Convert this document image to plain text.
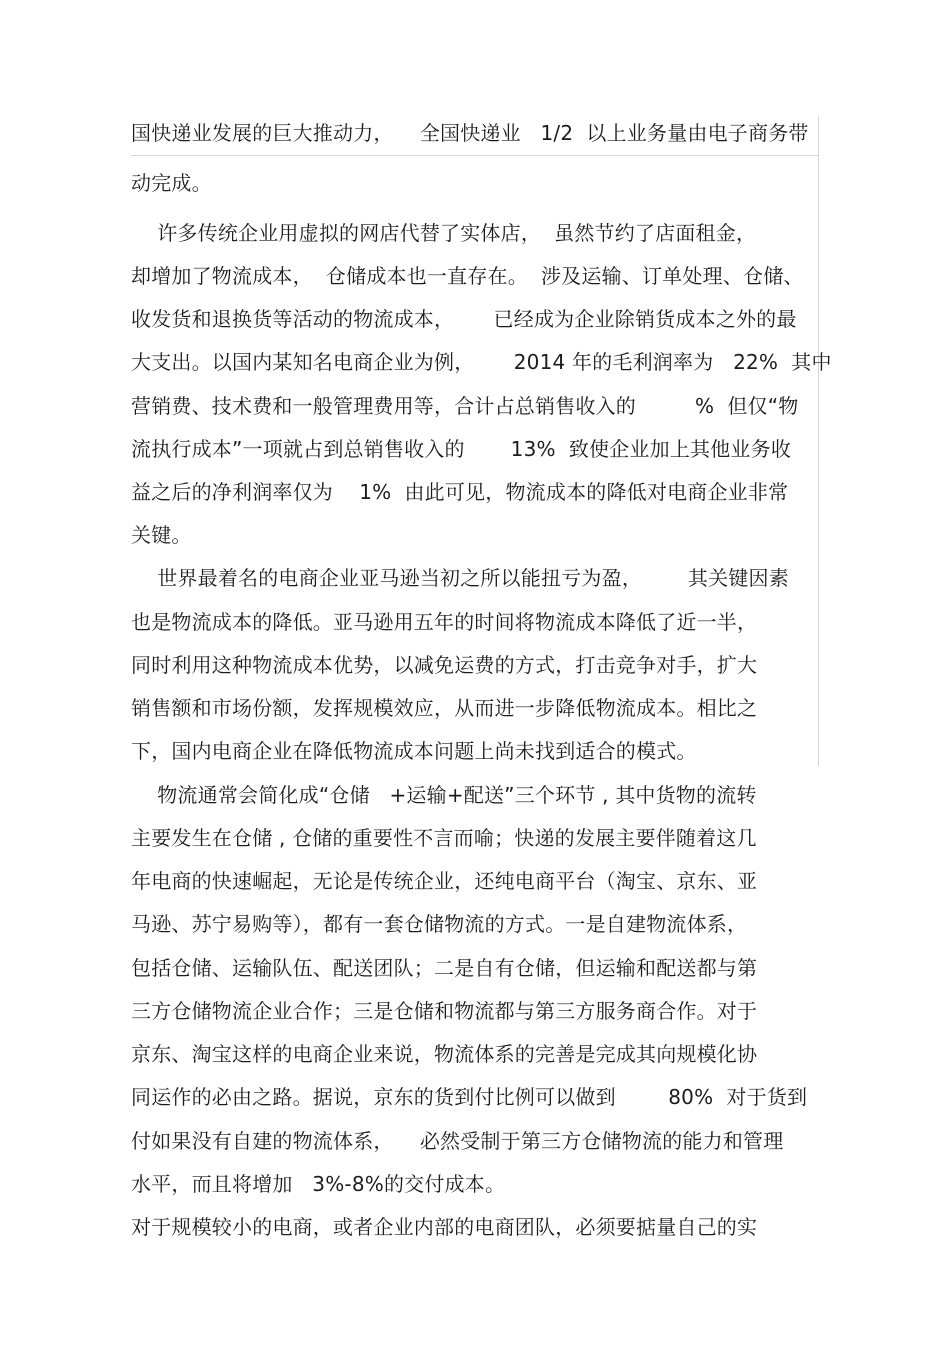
国快递业发展的巨大推动力，    全国快递业   1/2  以上业务量由电子商务带
动完成。
许多传统企业用虚拟的网店代替了实体店，  虽然节约了店面租金，
却增加了物流成本，  仓储成本也一直存在。  涉及运输、订单处理、仓储、
收发货和退换货等活动的物流成本，      已经成为企业除销货成本之外的最
大支出。以国内某知名电商企业为例，      2014 年的毛利润率为   22%  其中
营销费、技术费和一般管理费用等，合计占总销售收入的         %  但仅“物
流执行成本”一项就占到总销售收入的       13%  致使企业加上其他业务收
益之后的净利润率仅为    1%  由此可见，物流成本的降低对电商企业非常
关键。
世界最着名的电商企业亚马逊当初之所以能扭亏为盈，       其关键因素
也是物流成本的降低。亚马逊用五年的时间将物流成本降低了近一半，
同时利用这种物流成本优势，以减免运费的方式，打击竞争对手，扩大
销售额和市场份额，发挥规模效应，从而进一步降低物流成本。相比之
下，国内电商企业在降低物流成本问题上尚未找到适合的模式。
物流通常会简化成“仓储   +运输+配送”三个环节 , 其中货物的流转
主要发生在仓储 , 仓储的重要性不言而喻；快递的发展主要伴随着这几
年电商的快速崛起，无论是传统企业，还纯电商平台（淘宝、京东、亚
马逊、苏宁易购等），都有一套仓储物流的方式。一是自建物流体系，
包括仓储、运输队伍、配送团队；二是自有仓储，但运输和配送都与第
三方仓储物流企业合作；三是仓储和物流都与第三方服务商合作。对于
京东、淘宝这样的电商企业来说，物流体系的完善是完成其向规模化协
同运作的必由之路。据说，京东的货到付比例可以做到        80%  对于货到
付如果没有自建的物流体系，    必然受制于第三方仓储物流的能力和管理
水平，而且将增加   3%-8%的交付成本。
对于规模较小的电商，或者企业内部的电商团队，必须要掂量自己的实
